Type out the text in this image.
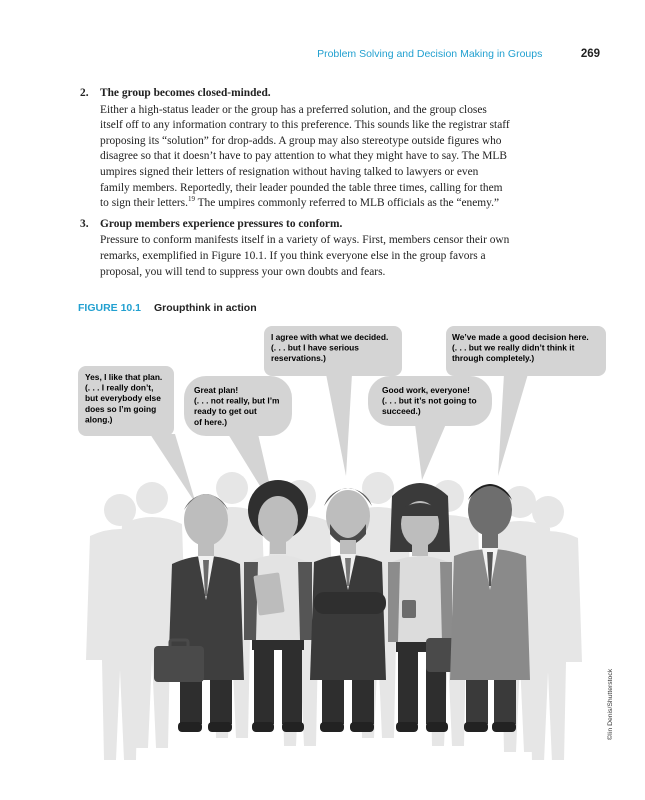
Problem Solving and Decision Making in Groups	269
2. The group becomes closed-minded.

Either a high-status leader or the group has a preferred solution, and the group closes itself off to any information contrary to this preference. This sounds like the registrar staff proposing its “solution” for drop-adds. A group may also stereotype outside figures who disagree so that it doesn’t have to pay attention to what they might have to say. The MLB umpires signed their letters of resignation without having talked to lawyers or even family members. Reportedly, their leader pounded the table three times, calling for them to sign their letters.$^{19}$ The umpires commonly referred to MLB officials as the “enemy.”

3. Group members experience pressures to conform.

Pressure to conform manifests itself in a variety of ways. First, members censor their own remarks, exemplified in Figure 10.1. If you think everyone else in the group favors a proposal, you will tend to suppress your own doubts and fears.

FIGURE 10.1 Groupthink in action
Yes, I like that plan. (. . . I really don’t, but everybody else does so I’m going along.)
Great plan! (. . . not really, but I’m ready to get out of here.)
I agree with what we decided. (. . . but I have serious reservations.)
Good work, everyone! (. . . but it’s not going to succeed.)
We’ve made a good decision here. (. . . but we really didn’t think it through completely.)
©Iin Denis/Shutterstock
